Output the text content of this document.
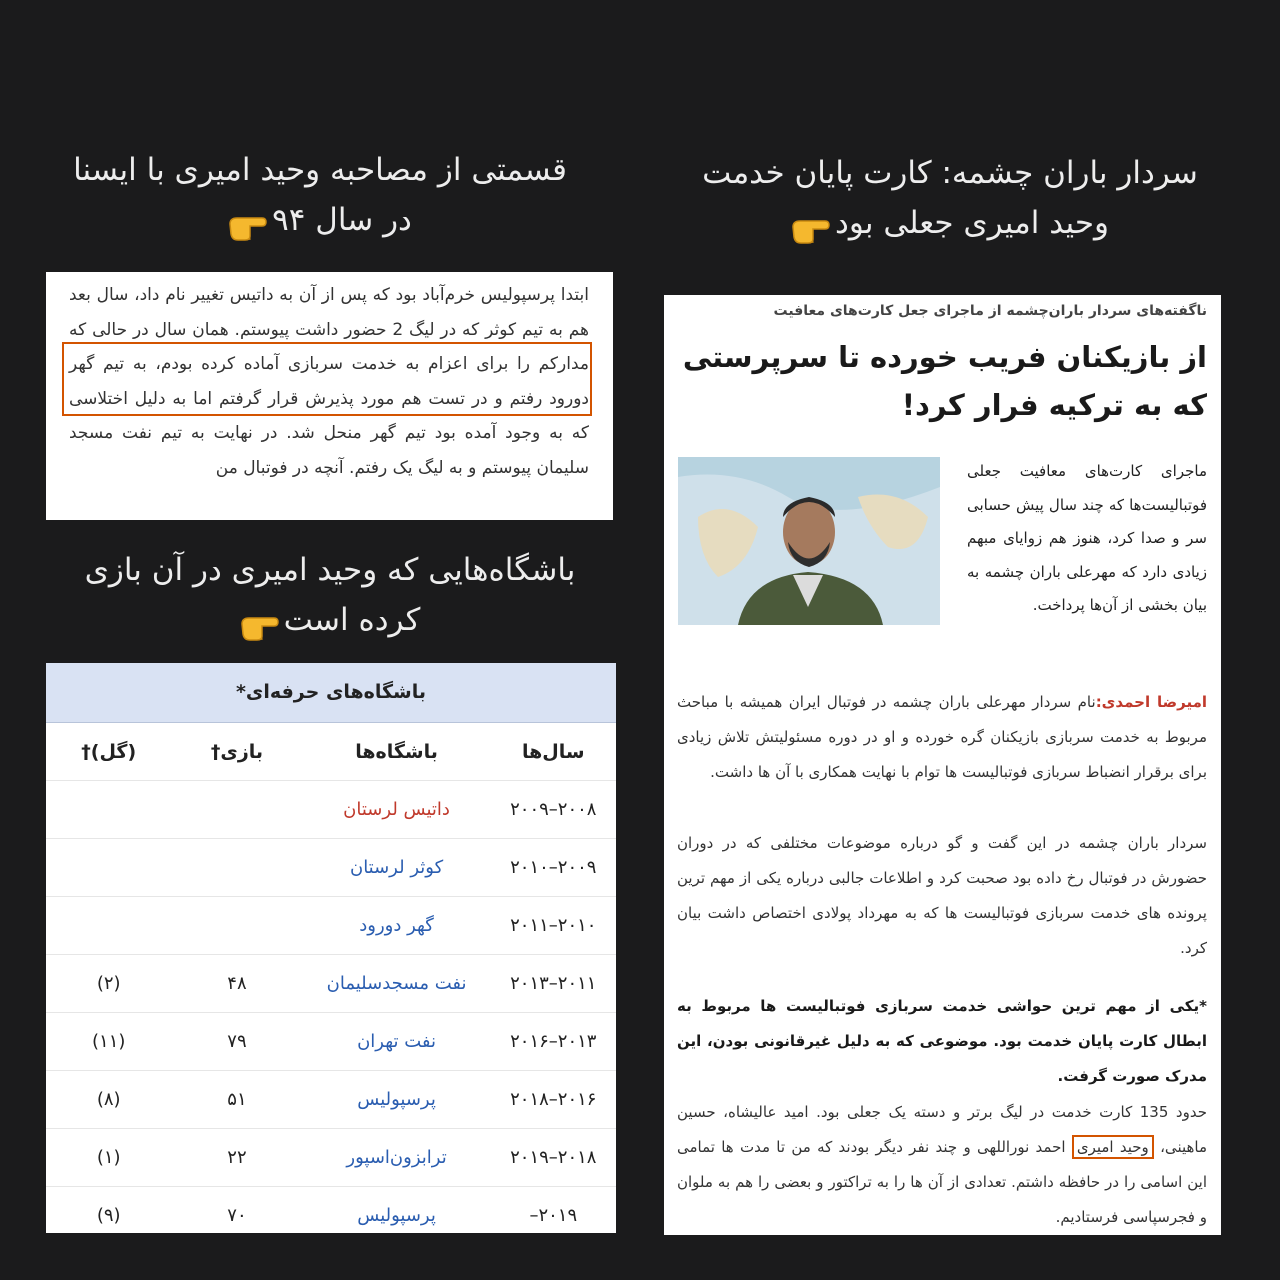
سردار باران چشمه: کارت پایان خدمت
وحید امیری جعلی بود
قسمتی از مصاحبه وحید امیری با ایسنا
در سال ۹۴
باشگاه‌هایی که وحید امیری در آن بازی
کرده است
ابتدا پرسپولیس خرم‌آباد بود که پس از آن به داتیس تغییر نام داد، سال بعد هم به تیم کوثر که در لیگ 2 حضور داشت پیوستم. همان سال در حالی که مدارکم را برای اعزام به خدمت سربازی آماده کرده بودم، به تیم گهر دورود رفتم و در تست هم مورد پذیرش قرار گرفتم اما به دلیل اختلاسی که به وجود آمده بود تیم گهر منحل شد. در نهایت به تیم نفت مسجد سلیمان پیوستم و به لیگ یک رفتم. آنچه در فوتبال من
باشگاه‌های حرفه‌ای*
سال‌ها	باشگاه‌ها	بازی†	(گل)†
۲۰۰۸–۲۰۰۹	داتیس لرستان		
۲۰۰۹–۲۰۱۰	کوثر لرستان		
۲۰۱۰–۲۰۱۱	گهر دورود		
۲۰۱۱–۲۰۱۳	نفت مسجدسلیمان	۴۸	(۲)
۲۰۱۳–۲۰۱۶	نفت تهران	۷۹	(۱۱)
۲۰۱۶–۲۰۱۸	پرسپولیس	۵۱	(۸)
۲۰۱۸–۲۰۱۹	ترابزون‌اسپور	۲۲	(۱)
۲۰۱۹–	پرسپولیس	۷۰	(۹)
ناگفته‌های سردار باران‌چشمه از ماجرای جعل کارت‌های معافیت
از بازیکنان فریب خورده تا سرپرستی که به ترکیه فرار کرد!
ماجرای کارت‌های معافیت جعلی فوتبالیست‌ها که چند سال پیش حسابی سر و صدا کرد، هنوز هم زوایای مبهم زیادی دارد که مهرعلی باران چشمه به بیان بخشی از آن‌ها پرداخت.
امیرضا احمدی:نام سردار مهرعلی باران چشمه در فوتبال ایران همیشه با مباحث مربوط به خدمت سربازی بازیکنان گره خورده و او در دوره مسئولیتش تلاش زیادی برای برقرار انضباط سربازی فوتبالیست ها توام با نهایت همکاری با آن ها داشت.
سردار باران چشمه در این گفت و گو درباره موضوعات مختلفی که در دوران حضورش در فوتبال رخ داده بود صحبت کرد و اطلاعات جالبی درباره یکی از مهم ترین پرونده های خدمت سربازی فوتبالیست ها که به مهرداد پولادی اختصاص داشت بیان کرد.
*یکی از مهم ترین حواشی خدمت سربازی فوتبالیست ها مربوط به ابطال کارت پایان خدمت بود. موضوعی که به دلیل غیرقانونی بودن، این مدرک صورت گرفت.
حدود 135 کارت خدمت در لیگ برتر و دسته یک جعلی بود. امید عالیشاه، حسین ماهینی، وحید امیری احمد نوراللهی و چند نفر دیگر بودند که من تا مدت ها تمامی این اسامی را در حافظه داشتم. تعدادی از آن ها را به تراکتور و بعضی را هم به ملوان و فجرسپاسی فرستادیم.
